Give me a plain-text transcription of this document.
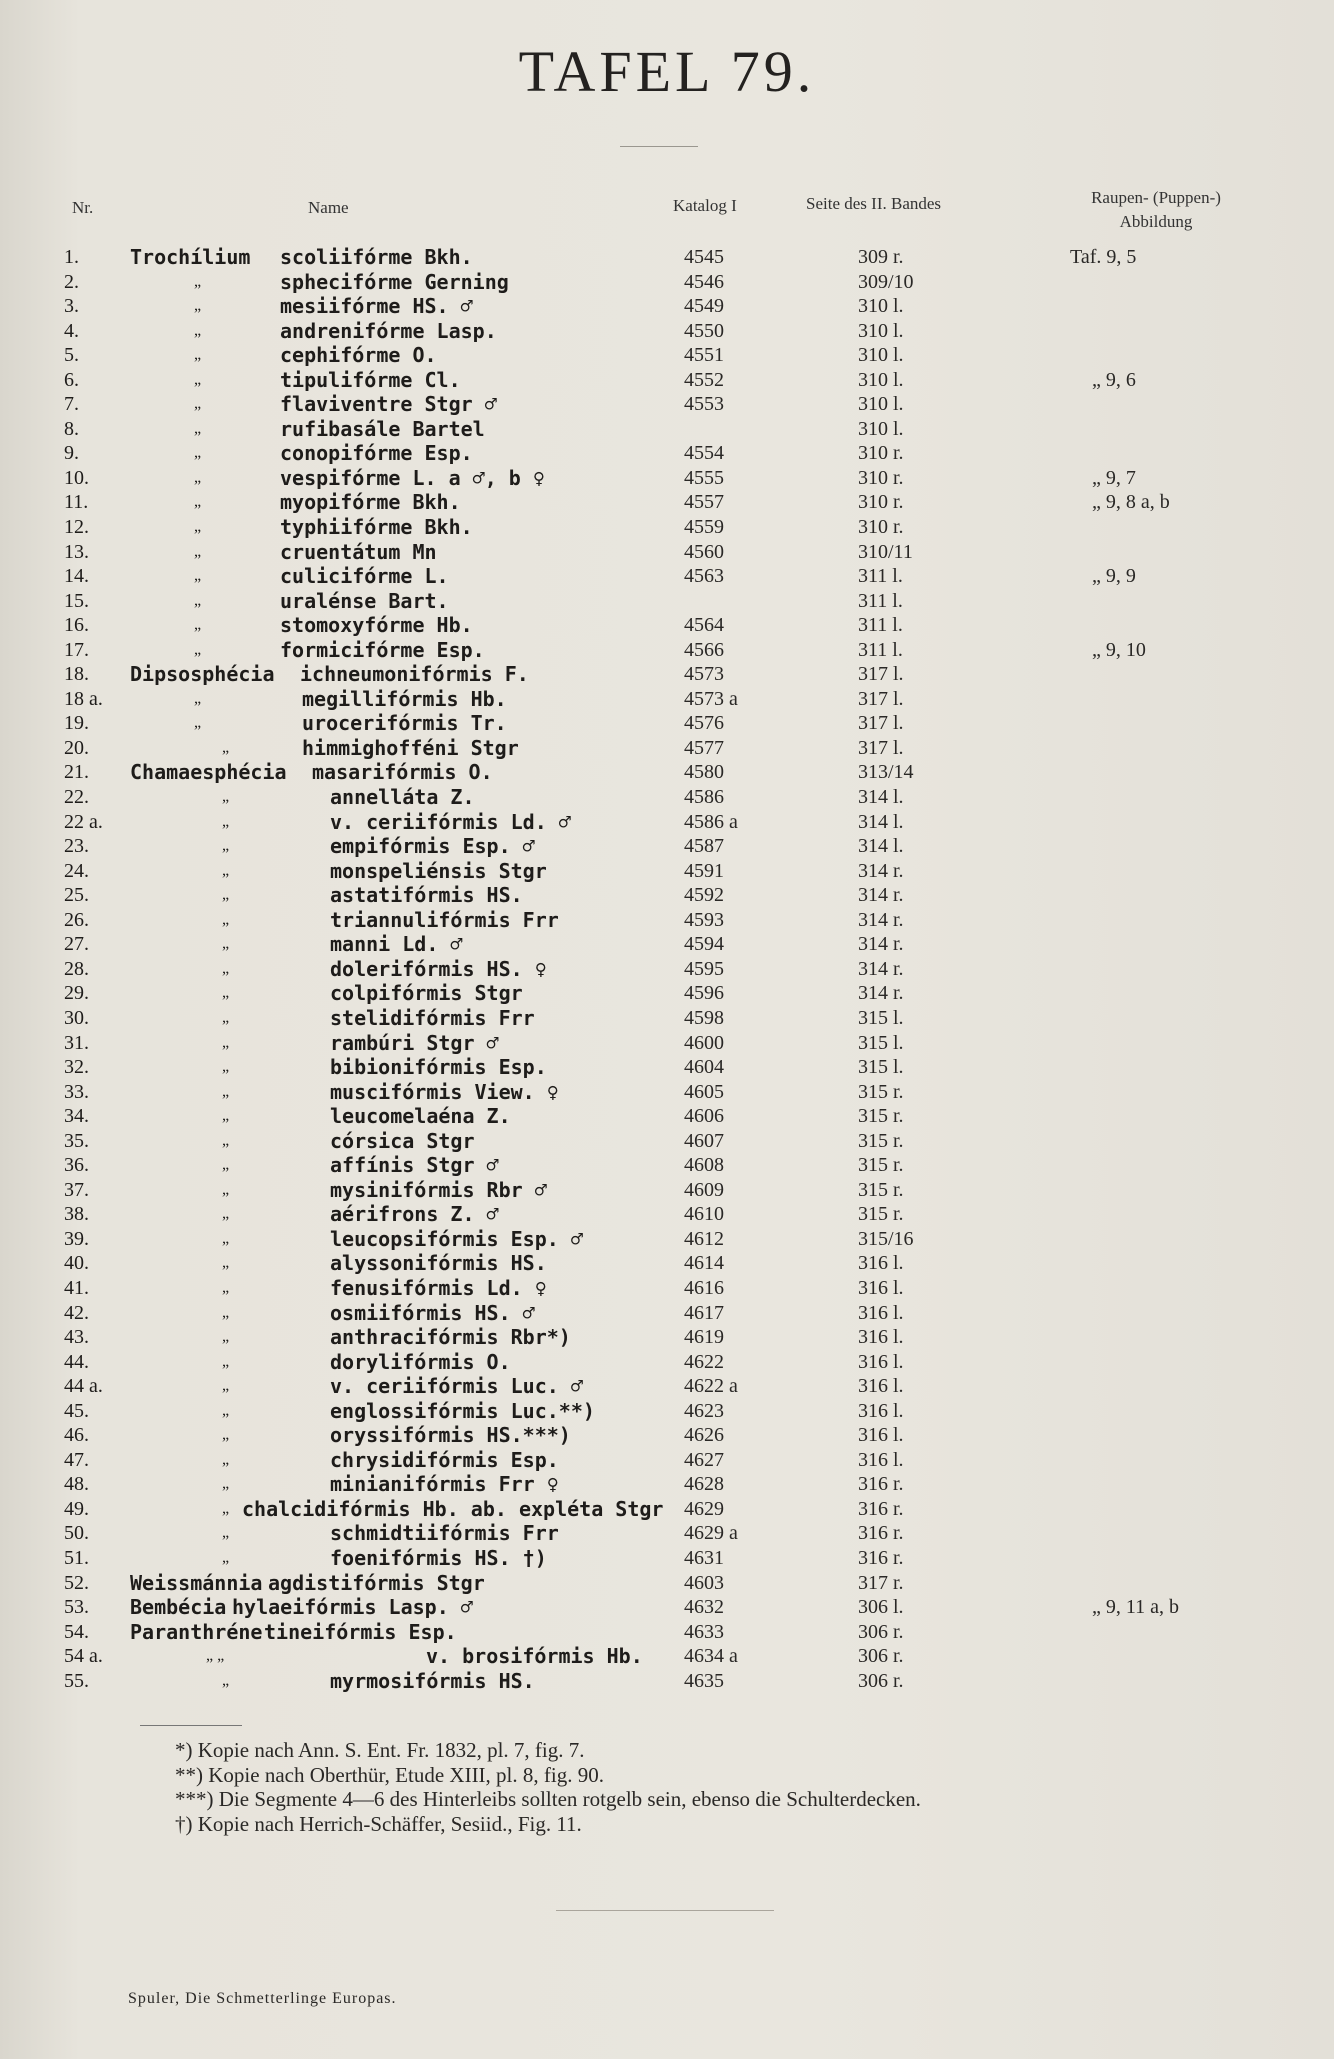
TAFEL 79.
Nr.	Name	Katalog I	Seite des II. Bandes	Raupen- (Puppen-)
Abbildung
1.	Trochílium scoliifórme Bkh.	4545	309 r.	Taf. 9, 5
2.	„	sphecifórme Gerning	4546	309/10
3.	„	mesiifórme HS. ♂	4549	310 l.
4.	„	andrenifórme Lasp.	4550	310 l.
5.	„	cephifórme O.	4551	310 l.
6.	„	tipulifórme Cl.	4552	310 l.	„ 9, 6
7.	„	flaviventre Stgr ♂	4553	310 l.
8.	„	rufibasále Bartel	310 l.
9.	„	conopifórme Esp.	4554	310 r.
10.	„	vespifórme L. a ♂, b ♀	4555	310 r.	„ 9, 7
11.	„	myopifórme Bkh.	4557	310 r.	„ 9, 8 a, b
12.	„	typhiifórme Bkh.	4559	310 r.
13.	„	cruentátum Mn	4560	310/11
14.	„	culicifórme L.	4563	311 l.	„ 9, 9
15.	„	uralénse Bart.	311 l.
16.	„	stomoxyfórme Hb.	4564	311 l.
17.	„	formicifórme Esp.	4566	311 l.	„ 9, 10
18. Dipsosphécia ichneumonifórmis F.	4573	317 l.
18 a.	„	megillifórmis Hb.	4573 a	317 l.
19.	„	urocerifórmis Tr.	4576	317 l.
20.	„	himmighofféni Stgr	4577	317 l.
21. Chamaesphécia masarifórmis O.	4580	313/14
22.	„	annelláta Z.	4586	314 l.
22 a.	„	v. ceriifórmis Ld. ♂	4586 a	314 l.
23.	„	empifórmis Esp. ♂	4587	314 l.
24.	„	monspeliénsis Stgr	4591	314 r.
25.	„	astatifórmis HS.	4592	314 r.
26.	„	triannulifórmis Frr	4593	314 r.
27.	„	manni Ld. ♂	4594	314 r.
28.	„	dolerifórmis HS. ♀	4595	314 r.
29.	„	colpifórmis Stgr	4596	314 r.
30.	„	stelidifórmis Frr	4598	315 l.
31.	„	rambúri Stgr ♂	4600	315 l.
32.	„	bibionifórmis Esp.	4604	315 l.
33.	„	muscifórmis View. ♀	4605	315 r.
34.	„	leucomelaéna Z.	4606	315 r.
35.	„	córsica Stgr	4607	315 r.
36.	„	affínis Stgr ♂	4608	315 r.
37.	„	mysinifórmis Rbr ♂	4609	315 r.
38.	„	aérifrons Z. ♂	4610	315 r.
39.	„	leucopsifórmis Esp. ♂	4612	315/16
40.	„	alyssonifórmis HS.	4614	316 l.
41.	„	fenusifórmis Ld. ♀	4616	316 l.
42.	„	osmiifórmis HS. ♂	4617	316 l.
43.	„	anthracifórmis Rbr*)	4619	316 l.
44.	„	dorylifórmis O.	4622	316 l.
44 a.	„	v. ceriifórmis Luc. ♂	4622 a	316 l.
45.	„	englossifórmis Luc.**)	4623	316 l.
46.	„	oryssifórmis HS.***)	4626	316 l.
47.	„	chrysidifórmis Esp.	4627	316 l.
48.	„	minianifórmis Frr ♀	4628	316 r.
49.	„ chalcidifórmis Hb. ab. expléta Stgr 4629	316 r.
50.	„	schmidtiifórmis Frr	4629 a	316 r.
51.	„	foenifórmis HS. †)	4631	316 r.
52. Weissmánnia agdistifórmis Stgr	4603	317 r.
53. Bembécia hylaeifórmis Lasp. ♂	4632	306 l.	„ 9, 11 a, b
54. Paranthréne tineifórmis Esp.	4633	306 r.
54 a.	„ „	v. brosifórmis Hb. 4634 a	306 r.
55.	„	myrmosifórmis HS.	4635	306 r.
*) Kopie nach Ann. S. Ent. Fr. 1832, pl. 7, fig. 7.
**) Kopie nach Oberthür, Etude XIII, pl. 8, fig. 90.
***) Die Segmente 4—6 des Hinterleibs sollten rotgelb sein, ebenso die Schulterdecken.
†) Kopie nach Herrich-Schäffer, Sesiid., Fig. 11.
Spuler, Die Schmetterlinge Europas.
